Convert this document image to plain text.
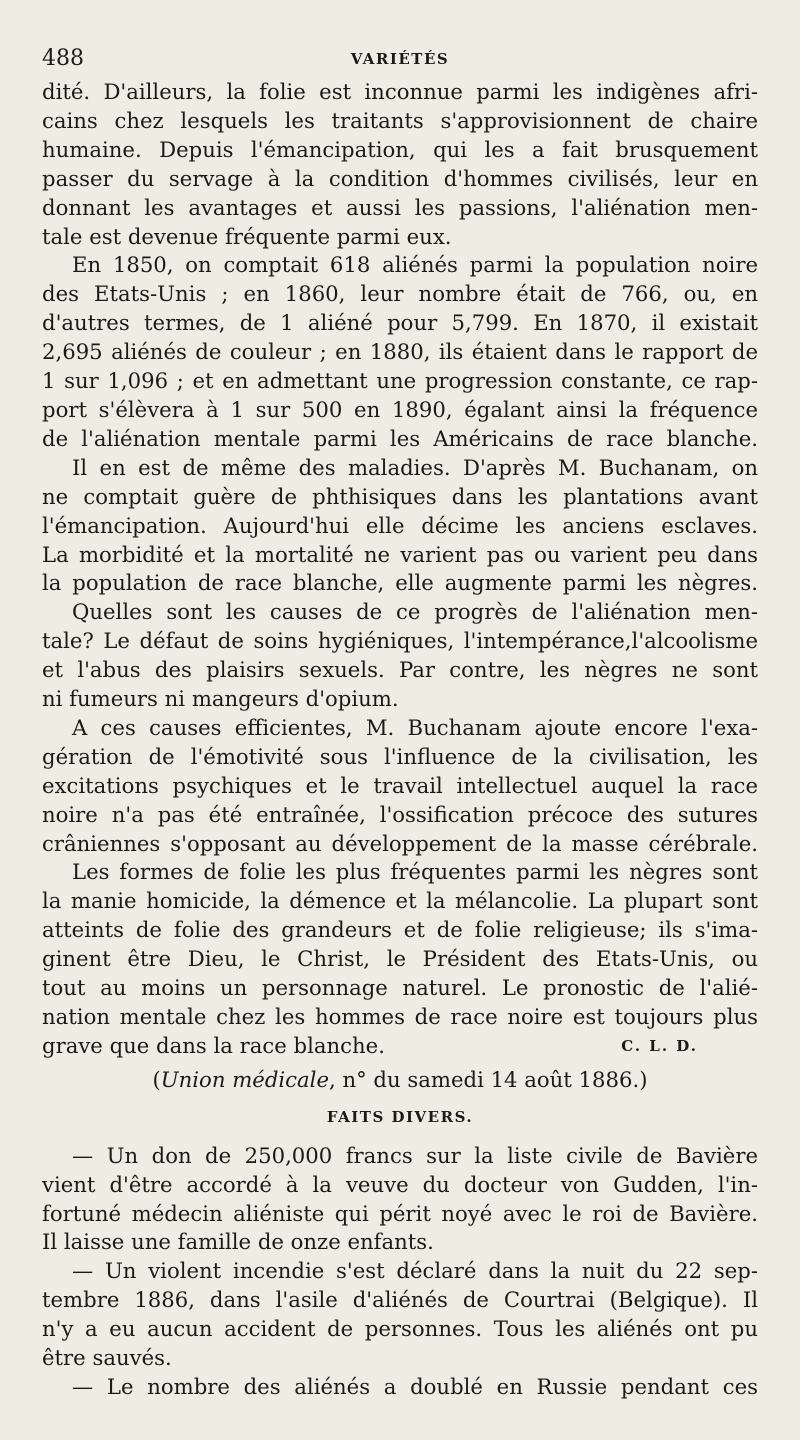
488	VARIÉTÉS
dité. D'ailleurs, la folie est inconnue parmi les indigènes afri-
cains chez lesquels les traitants s'approvisionnent de chaire
humaine. Depuis l'émancipation, qui les a fait brusquement
passer du servage à la condition d'hommes civilisés, leur en
donnant les avantages et aussi les passions, l'aliénation men-
tale est devenue fréquente parmi eux.
En 1850, on comptait 618 aliénés parmi la population noire
des Etats-Unis ; en 1860, leur nombre était de 766, ou, en
d'autres termes, de 1 aliéné pour 5,799. En 1870, il existait
2,695 aliénés de couleur ; en 1880, ils étaient dans le rapport de
1 sur 1,096 ; et en admettant une progression constante, ce rap-
port s'élèvera à 1 sur 500 en 1890, égalant ainsi la fréquence
de l'aliénation mentale parmi les Américains de race blanche.
Il en est de même des maladies. D'après M. Buchanam, on
ne comptait guère de phthisiques dans les plantations avant
l'émancipation. Aujourd'hui elle décime les anciens esclaves.
La morbidité et la mortalité ne varient pas ou varient peu dans
la population de race blanche, elle augmente parmi les nègres.
Quelles sont les causes de ce progrès de l'aliénation men-
tale? Le défaut de soins hygiéniques, l'intempérance,l'alcoolisme
et l'abus des plaisirs sexuels. Par contre, les nègres ne sont
ni fumeurs ni mangeurs d'opium.
A ces causes efficientes, M. Buchanam ajoute encore l'exa-
gération de l'émotivité sous l'influence de la civilisation, les
excitations psychiques et le travail intellectuel auquel la race
noire n'a pas été entraînée, l'ossification précoce des sutures
crâniennes s'opposant au développement de la masse cérébrale.
Les formes de folie les plus fréquentes parmi les nègres sont
la manie homicide, la démence et la mélancolie. La plupart sont
atteints de folie des grandeurs et de folie religieuse; ils s'ima-
ginent être Dieu, le Christ, le Président des Etats-Unis, ou
tout au moins un personnage naturel. Le pronostic de l'alié-
nation mentale chez les hommes de race noire est toujours plus
grave que dans la race blanche.	C. L. D.
(Union médicale, n° du samedi 14 août 1886.)
FAITS DIVERS.
— Un don de 250,000 francs sur la liste civile de Bavière
vient d'être accordé à la veuve du docteur von Gudden, l'in-
fortuné médecin aliéniste qui périt noyé avec le roi de Bavière.
Il laisse une famille de onze enfants.
— Un violent incendie s'est déclaré dans la nuit du 22 sep-
tembre 1886, dans l'asile d'aliénés de Courtrai (Belgique). Il
n'y a eu aucun accident de personnes. Tous les aliénés ont pu
être sauvés.
— Le nombre des aliénés a doublé en Russie pendant ces
